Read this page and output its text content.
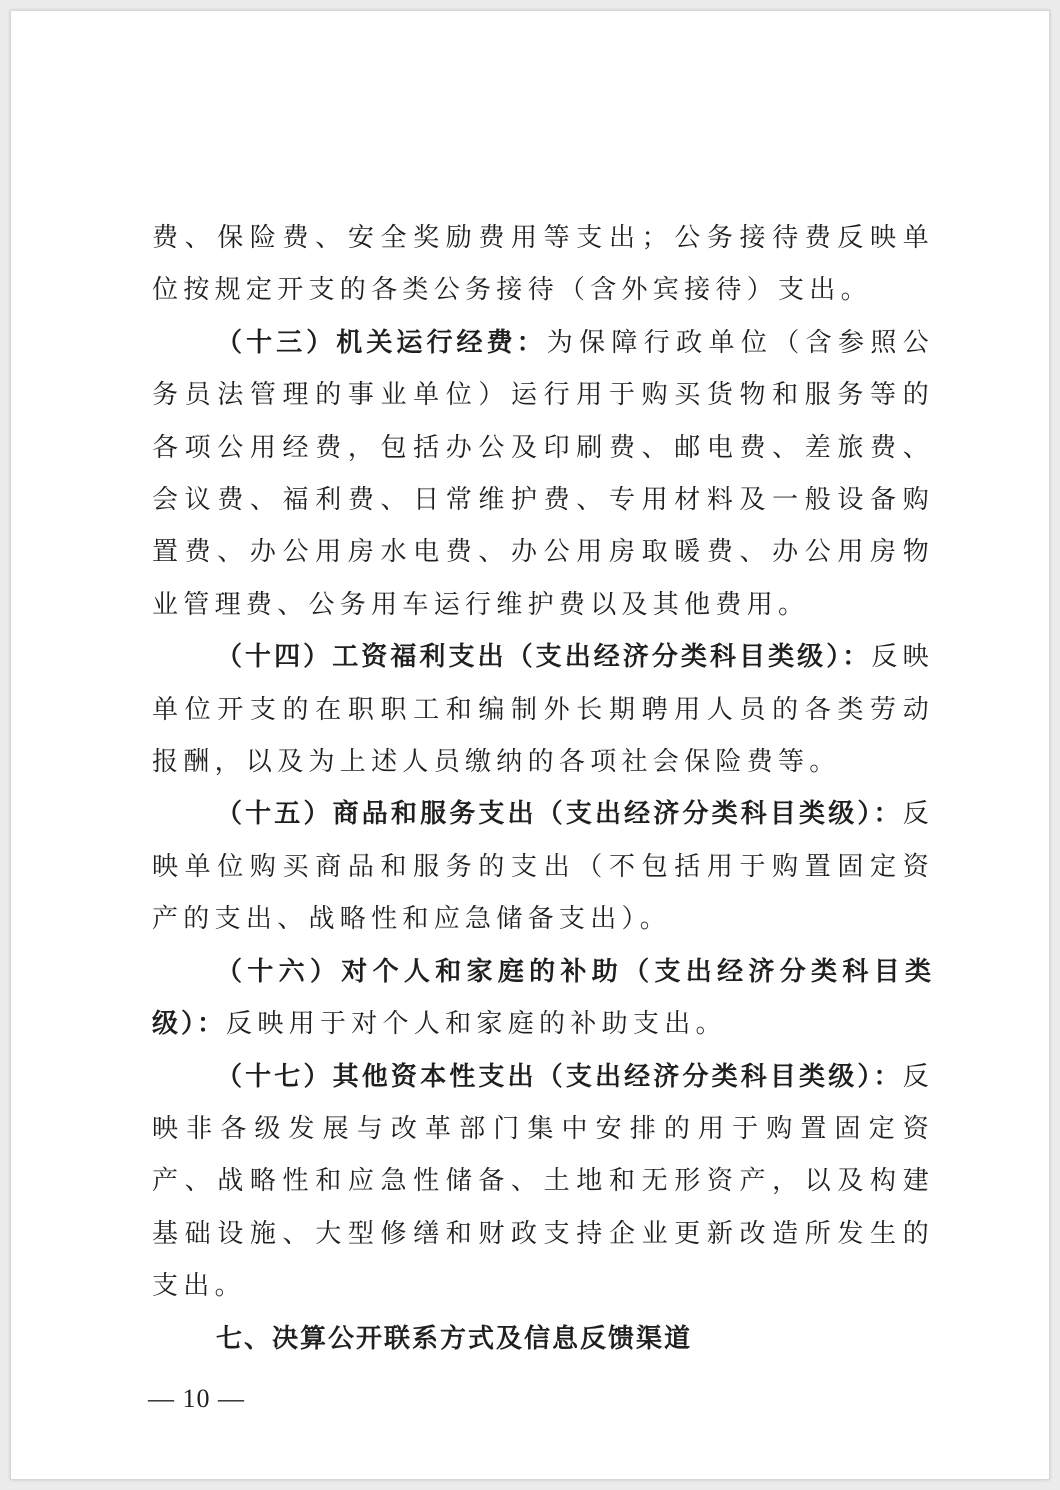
费、保险费、安全奖励费用等支出；公务接待费反映单位按规定开支的各类公务接待（含外宾接待）支出。

（十三）机关运行经费：为保障行政单位（含参照公务员法管理的事业单位）运行用于购买货物和服务等的各项公用经费，包括办公及印刷费、邮电费、差旅费、会议费、福利费、日常维护费、专用材料及一般设备购置费、办公用房水电费、办公用房取暖费、办公用房物业管理费、公务用车运行维护费以及其他费用。

（十四）工资福利支出（支出经济分类科目类级）：反映单位开支的在职职工和编制外长期聘用人员的各类劳动报酬，以及为上述人员缴纳的各项社会保险费等。

（十五）商品和服务支出（支出经济分类科目类级）：反映单位购买商品和服务的支出（不包括用于购置固定资产的支出、战略性和应急储备支出）。

（十六）对个人和家庭的补助（支出经济分类科目类级）：反映用于对个人和家庭的补助支出。

（十七）其他资本性支出（支出经济分类科目类级）：反映非各级发展与改革部门集中安排的用于购置固定资产、战略性和应急性储备、土地和无形资产，以及构建基础设施、大型修缮和财政支持企业更新改造所发生的支出。

七、决算公开联系方式及信息反馈渠道

— 10 —
